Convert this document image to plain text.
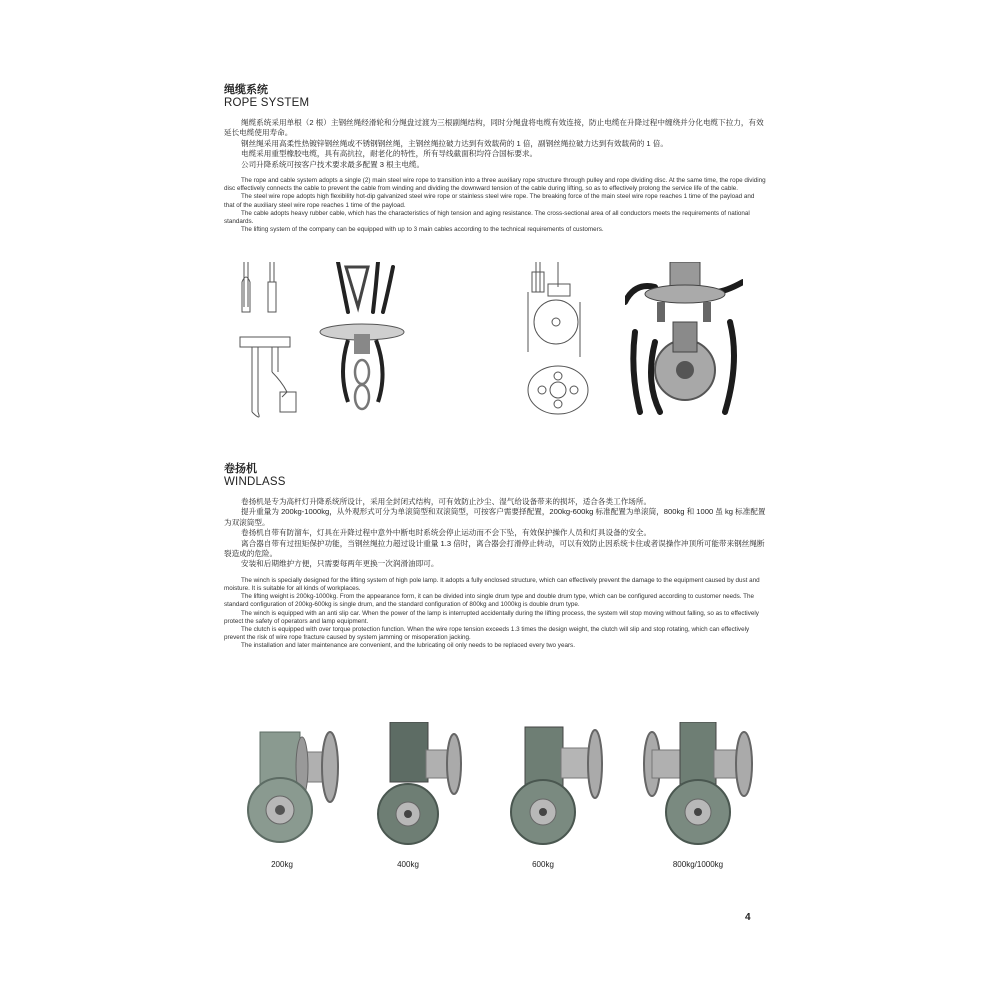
绳缆系统

ROPE SYSTEM

绳缆系统采用单根（2 根）主钢丝绳经滑轮和分绳盘过渡为三根副绳结构，同时分绳盘将电缆有效连接，防止电缆在升降过程中缠绕并分化电缆下拉力，有效延长电缆使用寿命。

钢丝绳采用高柔性热镀锌钢丝绳或不锈钢钢丝绳，主钢丝绳拉破力达到有效载荷的 1 倍，副钢丝绳拉破力达到有效载荷的 1 倍。

电缆采用重型橡胶电缆，具有高抗拉，耐老化的特性，所有导线截面积均符合国标要求。

公司升降系统可按客户技术要求最多配置 3 根主电缆。

The rope and cable system adopts a single (2) main steel wire rope to transition into a three auxiliary rope structure through pulley and rope dividing disc. At the same time, the rope dividing disc effectively connects the cable to prevent the cable from winding and dividing the downward tension of the cable during lifting, so as to effectively prolong the service life of the cable.

The steel wire rope adopts high flexibility hot-dip galvanized steel wire rope or stainless steel wire rope. The breaking force of the main steel wire rope reaches 1 time of the payload and that of the auxiliary steel wire rope reaches 1 time of the payload.

The cable adopts heavy rubber cable, which has the characteristics of high tension and aging resistance. The cross-sectional area of all conductors meets the requirements of national standards.

The lifting system of the company can be equipped with up to 3 main cables according to the technical requirements of customers.

卷扬机

WINDLASS

卷扬机是专为高杆灯升降系统所设计，采用全封闭式结构，可有效防止沙尘、湿气给设备带来的损坏，适合各类工作场所。

提升重量为 200kg-1000kg，从外观形式可分为单滚筒型和双滚筒型，可按客户需要择配置，200kg-600kg 标准配置为单滚筒，800kg 和 1000 虽 kg 标准配置为双滚筒型。

卷扬机自带有防溜车，灯具在升降过程中意外中断电时系统会停止运动而不会下坠，有效保护操作人员和灯具设备的安全。

离合器自带有过扭矩保护功能，当钢丝绳拉力超过设计重量 1.3 倍时，离合器会打滑停止转动，可以有效防止因系统卡住或者误操作冲顶所可能带来钢丝绳断裂造成的危险。

安装和后期维护方便，只需要每两年更换一次润滑油即可。

The winch is specially designed for the lifting system of high pole lamp. It adopts a fully enclosed structure, which can effectively prevent the damage to the equipment caused by dust and moisture. It is suitable for all kinds of workplaces.

The lifting weight is 200kg-1000kg. From the appearance form, it can be divided into single drum type and double drum type, which can be configured according to customer needs. The standard configuration of 200kg-600kg is single drum, and the standard configuration of 800kg and 1000kg is double drum type.

The winch is equipped with an anti slip car. When the power of the lamp is interrupted accidentally during the lifting process, the system will stop moving without falling, so as to effectively protect the safety of operators and lamp equipment.

The clutch is equipped with over torque protection function. When the wire rope tension exceeds 1.3 times the design weight, the clutch will slip and stop rotating, which can effectively prevent the risk of wire rope fracture caused by system jamming or misoperation jacking.

The installation and later maintenance are convenient, and the lubricating oil only needs to be replaced every two years.

200kg	400kg	600kg	800kg/1000kg
4
